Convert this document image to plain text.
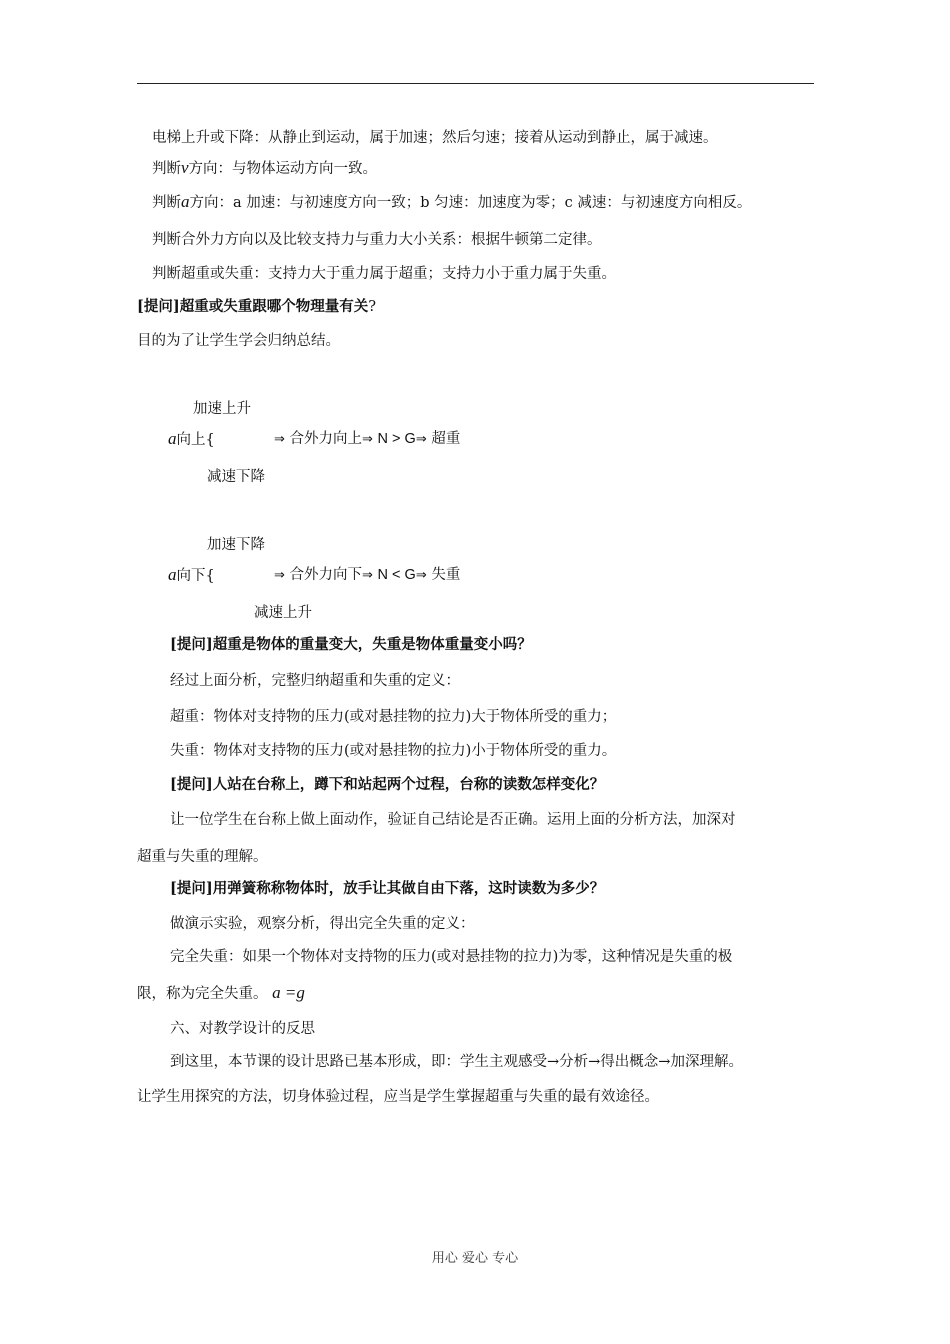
电梯上升或下降：从静止到运动，属于加速；然后匀速；接着从运动到静止，属于减速。
判断v方向：与物体运动方向一致。
判断a方向：a 加速：与初速度方向一致；b 匀速：加速度为零；c 减速：与初速度方向相反。
判断合外力方向以及比较支持力与重力大小关系：根据牛顿第二定律。
判断超重或失重：支持力大于重力属于超重；支持力小于重力属于失重。
[提问]超重或失重跟哪个物理量有关?
目的为了让学生学会归纳总结。
加速上升
a向上{	⇒ 合外力向上⇒ N > G⇒ 超重
减速下降
加速下降
a向下{	⇒ 合外力向下⇒ N < G⇒ 失重
减速上升
[提问]超重是物体的重量变大，失重是物体重量变小吗？
经过上面分析，完整归纳超重和失重的定义：
超重：物体对支持物的压力(或对悬挂物的拉力)大于物体所受的重力；
失重：物体对支持物的压力(或对悬挂物的拉力)小于物体所受的重力。
[提问]人站在台称上，蹲下和站起两个过程，台称的读数怎样变化？
让一位学生在台称上做上面动作，验证自己结论是否正确。运用上面的分析方法，加深对
超重与失重的理解。
[提问]用弹簧称称物体时，放手让其做自由下落，这时读数为多少？
做演示实验，观察分析，得出完全失重的定义：
完全失重：如果一个物体对支持物的压力(或对悬挂物的拉力)为零，这种情况是失重的极
限，称为完全失重。 a =g
六、对教学设计的反思
到这里，本节课的设计思路已基本形成，即：学生主观感受→分析→得出概念→加深理解。
让学生用探究的方法，切身体验过程，应当是学生掌握超重与失重的最有效途径。
用心 爱心 专心
